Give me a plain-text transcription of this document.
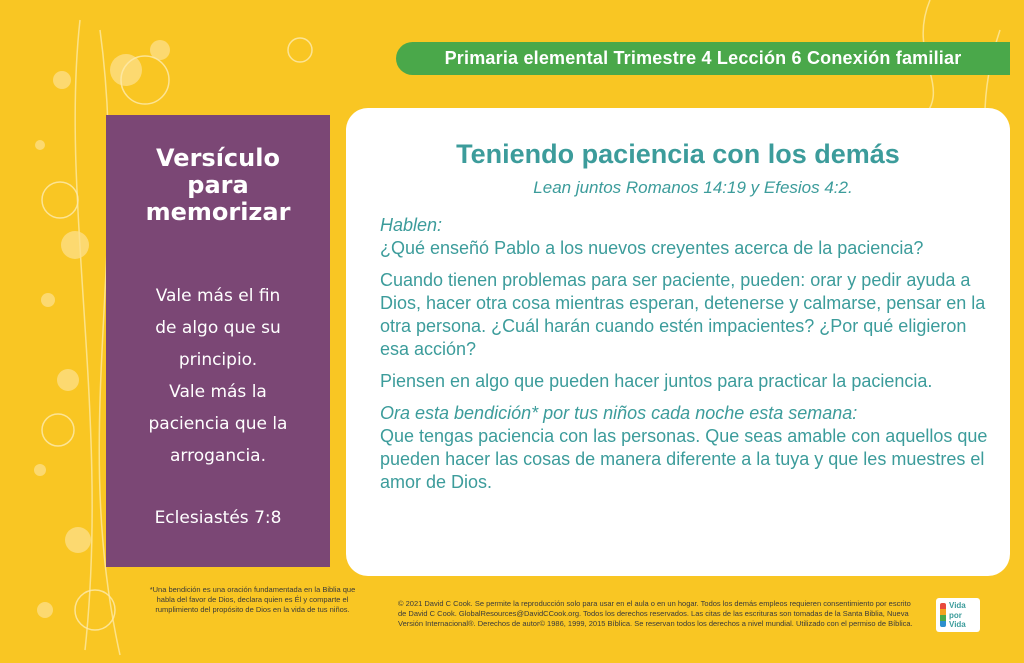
Primaria elemental Trimestre 4 Lección 6 Conexión familiar
Versículo
para
memorizar
Vale más el fin
de algo que su
principio.
Vale más la
paciencia que la
arrogancia.
Eclesiastés 7:8
Teniendo paciencia con los demás
Lean juntos Romanos 14:19 y Efesios 4:2.

Hablen:
¿Qué enseñó Pablo a los nuevos creyentes acerca de la paciencia?

Cuando tienen problemas para ser paciente, pueden: orar y pedir ayuda a Dios, hacer otra cosa mientras esperan, detenerse y calmarse, pensar en la otra persona. ¿Cuál harán cuando estén impacientes? ¿Por qué eligieron esa acción?

Piensen en algo que pueden hacer juntos para practicar la paciencia.

Ora esta bendición* por tus niños cada noche esta semana:
Que tengas paciencia con las personas. Que seas amable con aquellos que pueden hacer las cosas de manera diferente a la tuya y que les muestres el amor de Dios.

*Una bendición es una oración fundamentada en la Biblia que habla del favor de Dios, declara quien es Él y comparte el rumplimiento del propósito de Dios en la vida de tus niños.
© 2021 David C Cook. Se permite la reproducción solo para usar en el aula o en un hogar. Todos los demás empleos requieren consentimiento por escrito de David C Cook. GlobalResources@DavidCCook.org. Todos los derechos reservados. Las citas de las escrituras son tomadas de la Santa Biblia, Nueva Versión Internacional®. Derechos de autor© 1986, 1999, 2015 Bíblica. Se reservan todos los derechos a nivel mundial. Utilizado con el permiso de Bíblica.
Vida
por
Vida
